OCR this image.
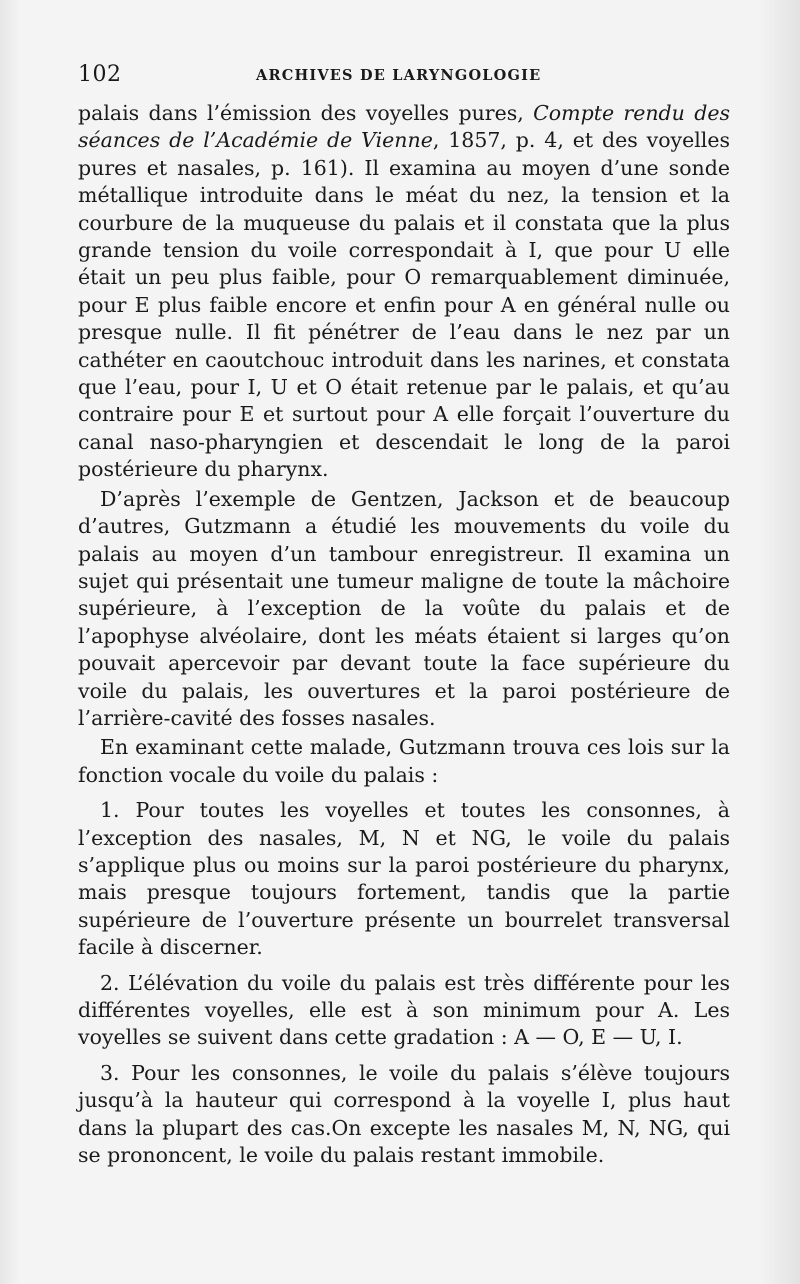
102	ARCHIVES DE LARYNGOLOGIE

palais dans l’émission des voyelles pures, Compte rendu des séances de l’Académie de Vienne, 1857, p. 4, et des voyelles pures et nasales, p. 161). Il examina au moyen d’une sonde métallique introduite dans le méat du nez, la tension et la courbure de la muqueuse du palais et il constata que la plus grande tension du voile correspondait à I, que pour U elle était un peu plus faible, pour O remarquablement diminuée, pour E plus faible encore et enfin pour A en général nulle ou presque nulle. Il fit pénétrer de l’eau dans le nez par un cathéter en caoutchouc introduit dans les narines, et constata que l’eau, pour I, U et O était retenue par le palais, et qu’au contraire pour E et surtout pour A elle forçait l’ouverture du canal naso-pharyngien et descendait le long de la paroi postérieure du pharynx.

D’après l’exemple de Gentzen, Jackson et de beaucoup d’autres, Gutzmann a étudié les mouvements du voile du palais au moyen d’un tambour enregistreur. Il examina un sujet qui présentait une tumeur maligne de toute la mâchoire supérieure, à l’exception de la voûte du palais et de l’apophyse alvéolaire, dont les méats étaient si larges qu’on pouvait apercevoir par devant toute la face supérieure du voile du palais, les ouvertures et la paroi postérieure de l’arrière-cavité des fosses nasales.

En examinant cette malade, Gutzmann trouva ces lois sur la fonction vocale du voile du palais :

1. Pour toutes les voyelles et toutes les consonnes, à l’exception des nasales, M, N et NG, le voile du palais s’applique plus ou moins sur la paroi postérieure du pharynx, mais presque toujours fortement, tandis que la partie supérieure de l’ouverture présente un bourrelet transversal facile à discerner.

2. L’élévation du voile du palais est très différente pour les différentes voyelles, elle est à son minimum pour A. Les voyelles se suivent dans cette gradation : A — O, E — U, I.

3. Pour les consonnes, le voile du palais s’élève toujours jusqu’à la hauteur qui correspond à la voyelle I, plus haut dans la plupart des cas.On excepte les nasales M, N, NG, qui se prononcent, le voile du palais restant immobile.
